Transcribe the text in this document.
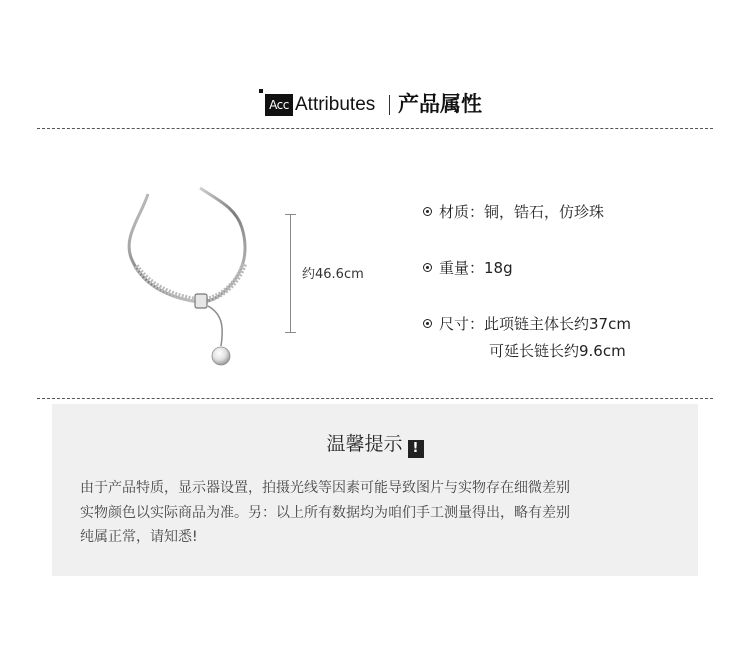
Acc Attributes 产品属性
约46.6cm
材质：铜，锆石，仿珍珠
重量：18g
尺寸：此项链主体长约37cm
可延长链长约9.6cm
温馨提示 !
由于产品特质，显示器设置，拍摄光线等因素可能导致图片与实物存在细微差别
实物颜色以实际商品为准。另：以上所有数据均为咱们手工测量得出，略有差别
纯属正常，请知悉!
